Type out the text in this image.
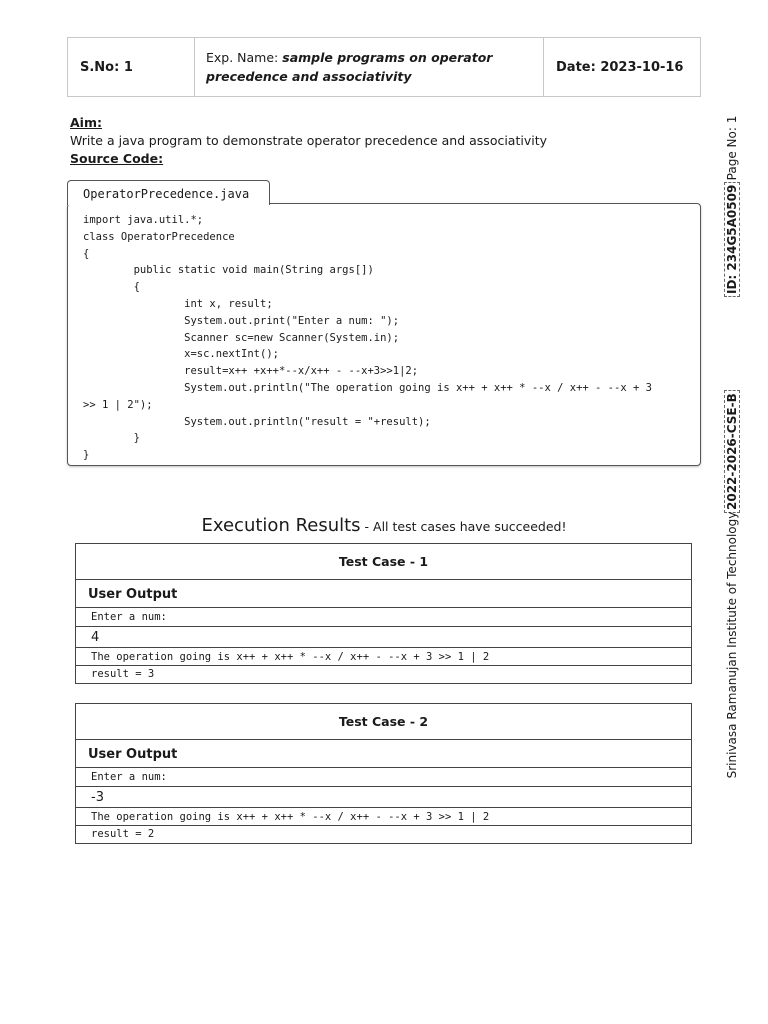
S.No: 1
Exp. Name: sample programs on operator
precedence and associativity
Date: 2023-10-16
Aim:
Write a java program to demonstrate operator precedence and associativity
Source Code:
OperatorPrecedence.java
import java.util.*;
class OperatorPrecedence
{
public static void main(String args[])
{
int x, result;
System.out.print("Enter a num: ");
Scanner sc=new Scanner(System.in);
x=sc.nextInt();
result=x++ +x++*--x/x++ - --x+3>>1|2;
System.out.println("The operation going is x++ + x++ * --x / x++ - --x + 3
>> 1 | 2");
System.out.println("result = "+result);
}
}
Execution Results - All test cases have succeeded!
Test Case - 1
User Output
Enter a num:
4
The operation going is x++ + x++ * --x / x++ - --x + 3 >> 1 | 2
result = 3
Test Case - 2
User Output
Enter a num:
-3
The operation going is x++ + x++ * --x / x++ - --x + 3 >> 1 | 2
result = 2
Page No: 1
ID: 234G5A0509
2022-2026-CSE-B
Srinivasa Ramanujan Institute of Technology
